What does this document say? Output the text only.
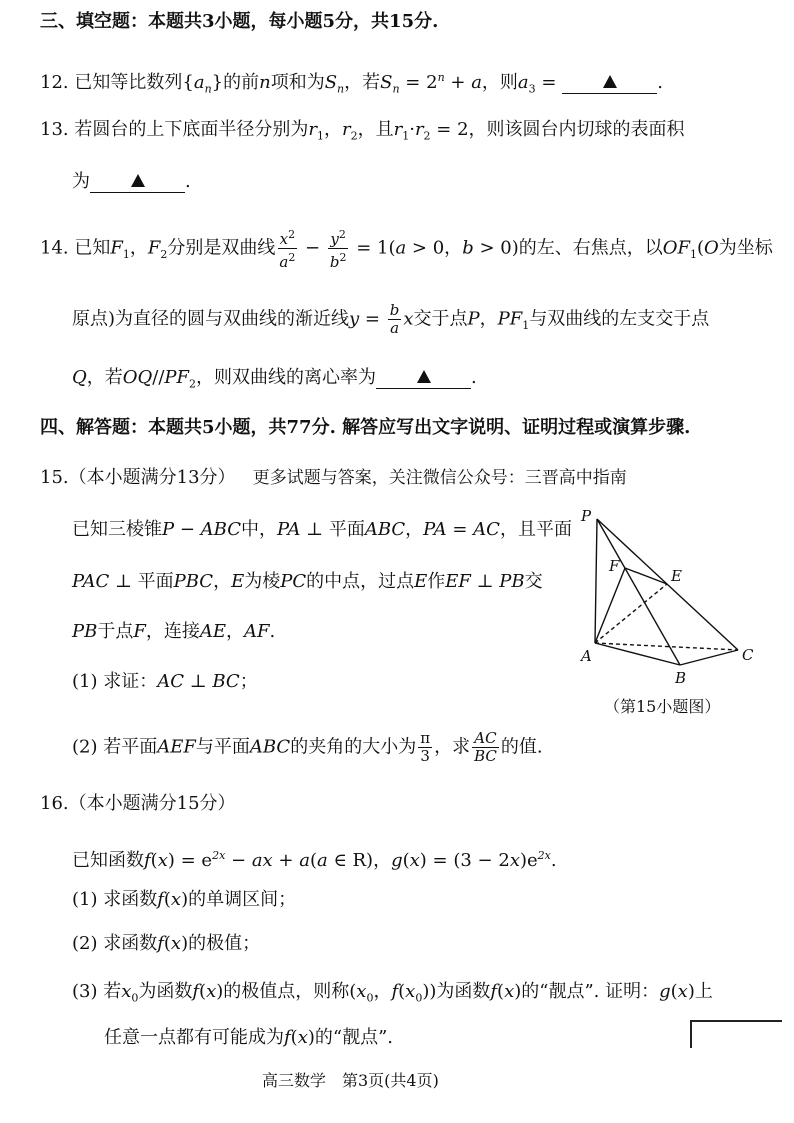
三、填空题：本题共3小题，每小题5分，共15分.
12. 已知等比数列$\{a_n\}$的前n项和为$S_n$，若$S_n = 2^n + a$，则$a_3$ =	.
13. 若圆台的上下底面半径分别为$r_1$，$r_2$，且$r_1\cdot r_2 = 2$，则该圆台内切球的表面积
为	.
14. 已知$F_1$，$F_2$分别是双曲线 $\frac{x^2}{a^2} - \frac{y^2}{b^2} = 1(a > 0$，b > 0)的左、右焦点，以$OF_1(O$为坐标
原点)为直径的圆与双曲线的渐近线$y = \frac{b}{a}$ x交于点P，$PF_1$与双曲线的左支交于点
Q，若$OQ//PF_2$，则双曲线的离心率为	.
四、解答题：本题共5小题，共77分. 解答应写出文字说明、证明过程或演算步骤.
15.（本小题满分13分） 更多试题与答案，关注微信公众号：三晋高中指南
已知三棱锥P − ABC中，PA ⊥ 平面ABC，PA = AC，且平面
PAC ⊥ 平面PBC，E为棱PC的中点，过点E作EF ⊥ PB交
PB于点F，连接AE，AF.
(1) 求证：AC ⊥ BC；
(2) 若平面AEF与平面ABC的夹角的大小为 $\frac{\pi}{3}$ ，求 $\frac{AC}{BC}$ 的值.
P
F
E
A
B
C
（第15小题图）
16.（本小题满分15分）
已知函数$f(x) = e^{2x}$ − ax + a(a ∈ R)，$g(x) = (3 - 2x)e^{2x}$.
(1) 求函数f(x)的单调区间；
(2) 求函数f(x)的极值；
(3) 若$x_0$为函数f(x)的极值点，则称($x_0$，$f(x_0)$)为函数f(x)的“靓点”. 证明：g(x)上
任意一点都有可能成为f(x)的“靓点”.
高三数学　第3页(共4页)
